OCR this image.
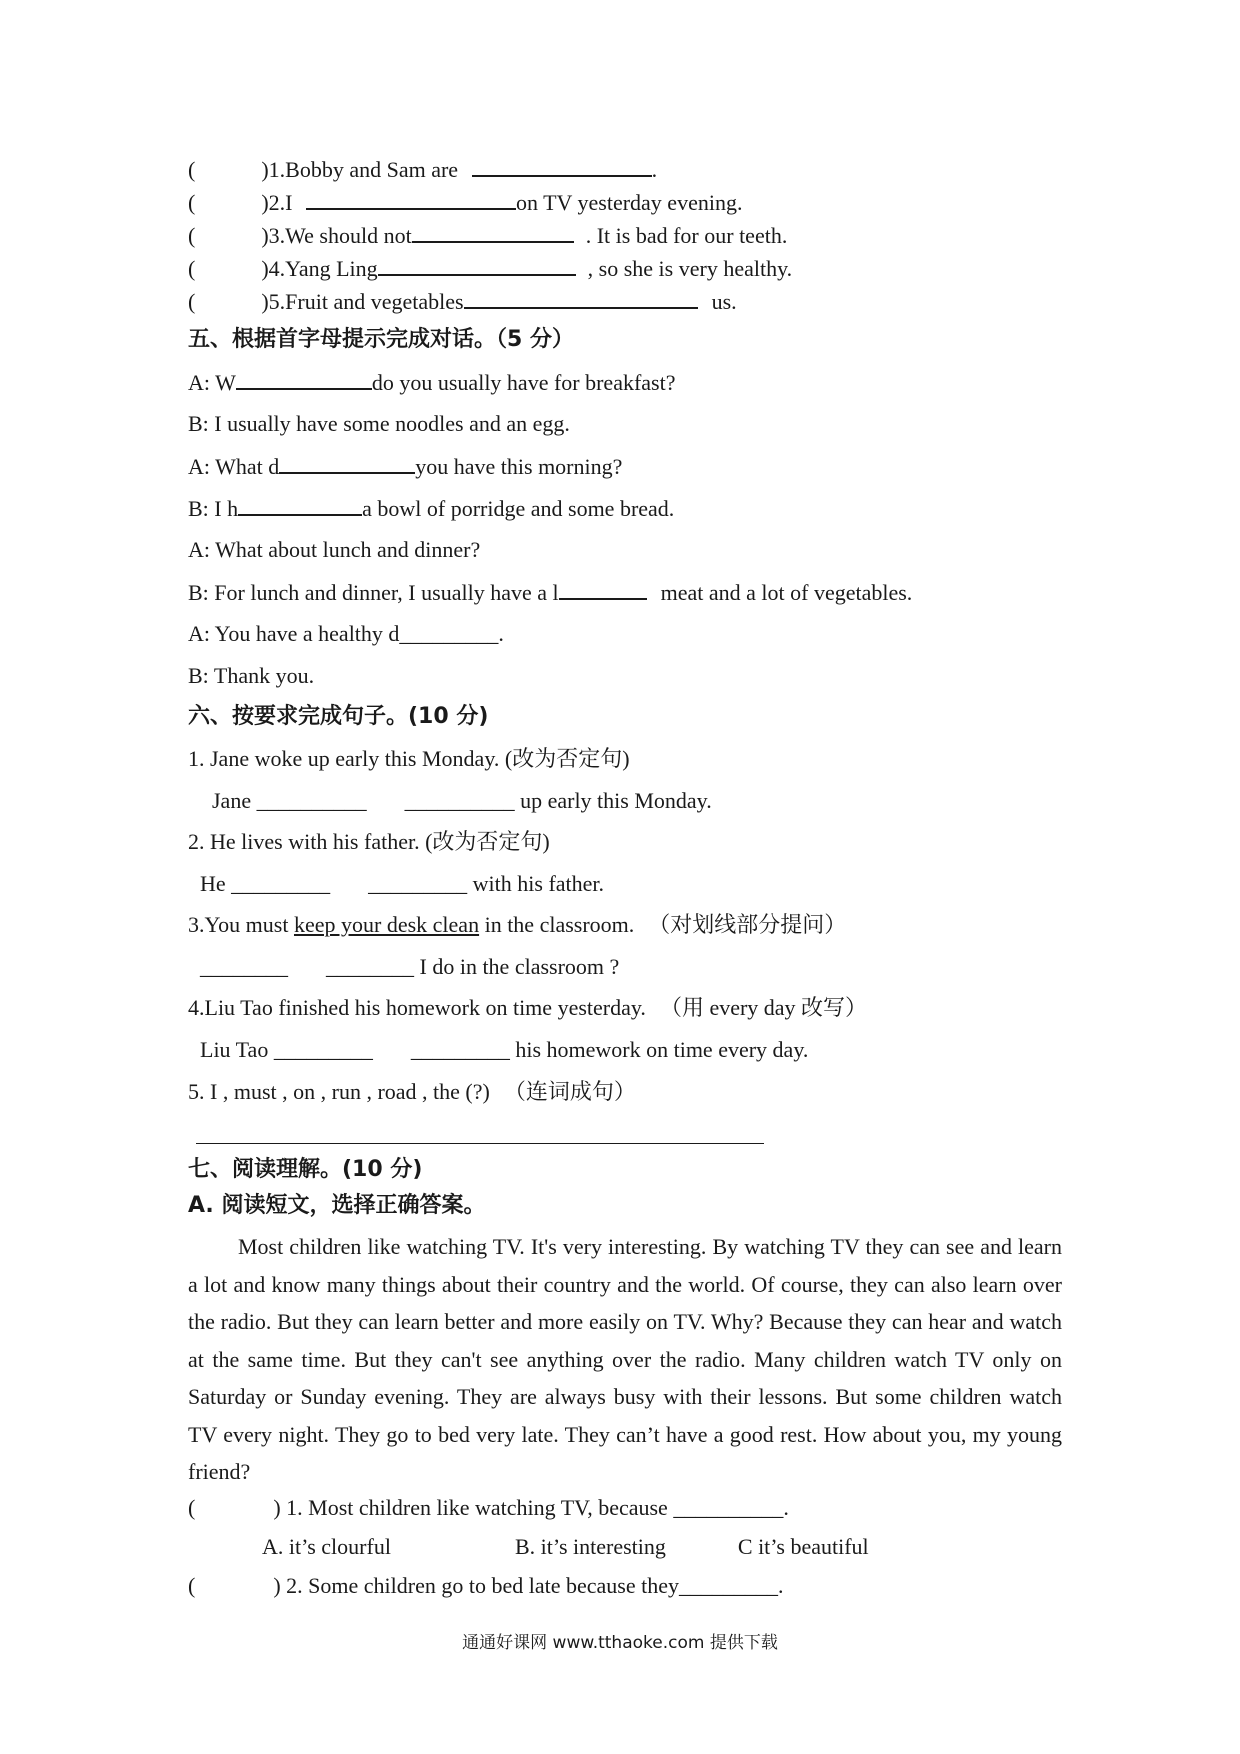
(	)1.Bobby and Sam are	.
(	)2.I	on TV yesterday evening.
(	)3.We should not	. It is bad for our teeth.
(	)4.Yang Ling	, so she is very healthy.
(	)5.Fruit and vegetables	us.
五、根据首字母提示完成对话。（5 分）
A: W	do you usually have for breakfast?
B: I usually have some noodles and an egg.
A: What d	you have this morning?
B: I h	a bowl of porridge and some bread.
A: What about lunch and dinner?
B: For lunch and dinner, I usually have a l	meat and a lot of vegetables.
A: You have a healthy d_________.
B: Thank you.
六、按要求完成句子。(10 分)
1. Jane woke up early this Monday. (改为否定句)
Jane __________ __________ up early this Monday.
2. He lives with his father. (改为否定句)
He _________ _________ with his father.
3.You must keep your desk clean in the classroom. （对划线部分提问）
________ ________ I do in the classroom ?
4.Liu Tao finished his homework on time yesterday. （用 every day 改写）
Liu Tao _________ _________ his homework on time every day.
5. I , must , on , run , road , the (?) （连词成句）
七、阅读理解。(10 分)
A. 阅读短文，选择正确答案。
Most children like watching TV. It's very interesting. By watching TV they can see and learn a lot and know many things about their country and the world. Of course, they can also learn over the radio. But they can learn better and more easily on TV. Why? Because they can hear and watch at the same time. But they can't see anything over the radio. Many children watch TV only on Saturday or Sunday evening. They are always busy with their lessons. But some children watch TV every night. They go to bed very late. They can’t have a good rest. How about you, my young friend?
(	) 1. Most children like watching TV, because __________.
A. it’s clourful	B. it’s interesting	C it’s beautiful
(	) 2. Some children go to bed late because they_________.
通通好课网 www.tthaoke.com 提供下载
